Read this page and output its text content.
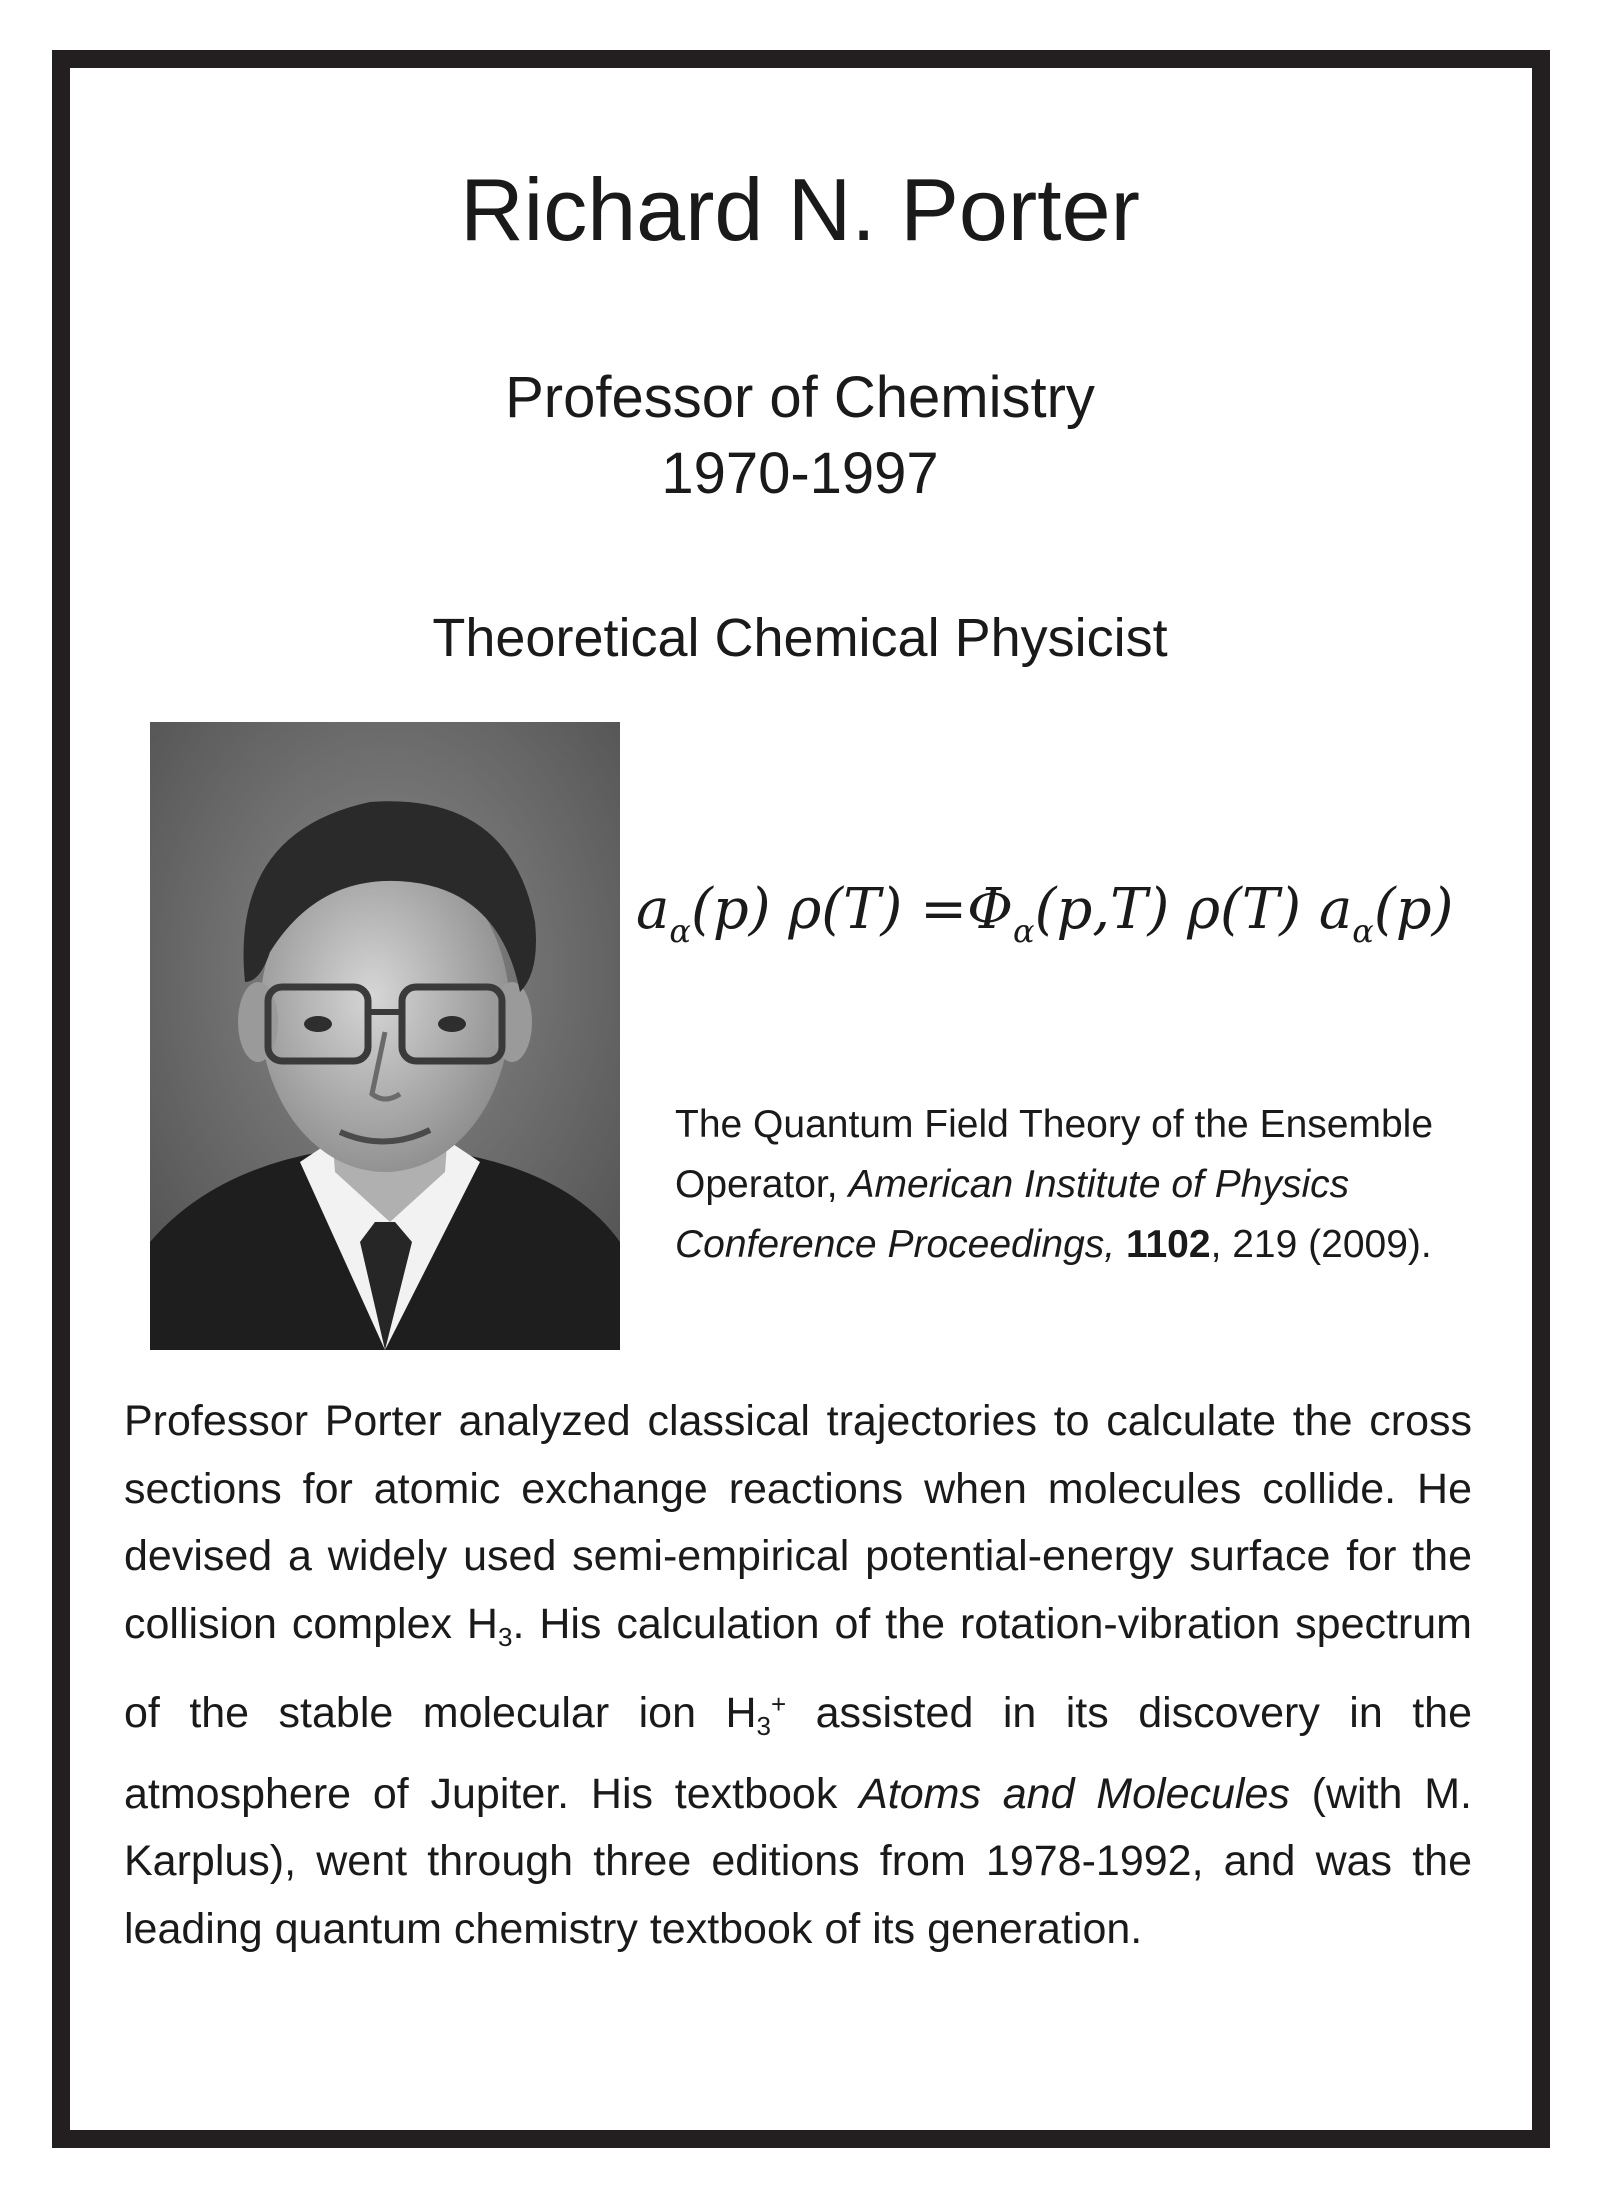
Richard N. Porter
Professor of Chemistry
1970-1997
Theoretical Chemical Physicist
$a_\alpha(p)$ $\rho(T) =\Phi_\alpha(p,T)$ ρ(T) $a_\alpha(p)$
The Quantum Field Theory of the Ensemble Operator, American Institute of Physics Conference Proceedings, 1102, 219 (2009).
Professor Porter analyzed classical trajectories to calculate the cross sections for atomic exchange reactions when molecules collide. He devised a widely used semi-empirical potential-energy surface for the collision complex $H_3$. His calculation of the rotation-vibration spectrum of the stable molecular ion $H_3^+$ assisted in its discovery in the atmosphere of Jupiter. His textbook Atoms and Molecules (with M. Karplus), went through three editions from 1978-1992, and was the leading quantum chemistry textbook of its generation.
